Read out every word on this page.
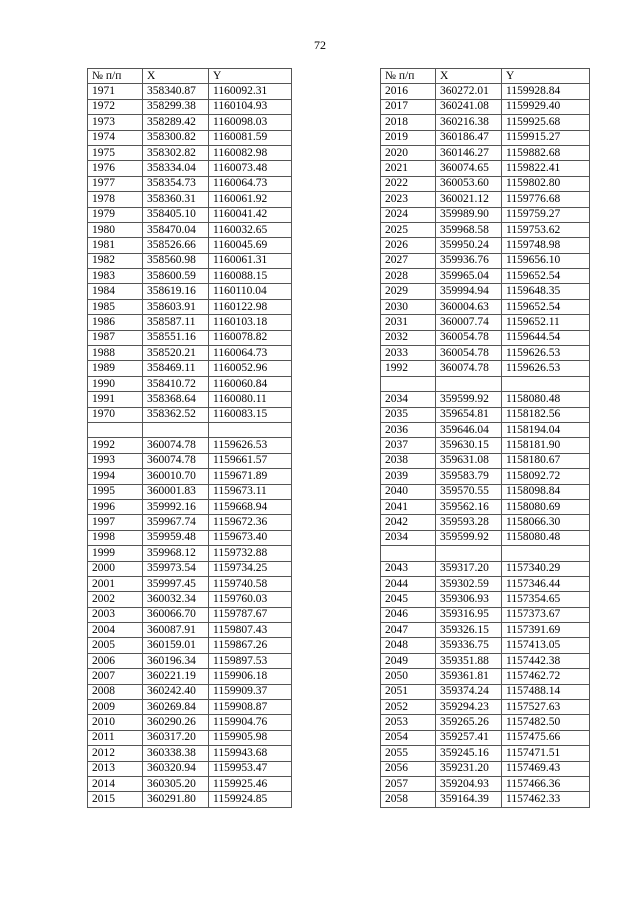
72
№ п/п	X	Y
1971	358340.87	1160092.31
1972	358299.38	1160104.93
1973	358289.42	1160098.03
1974	358300.82	1160081.59
1975	358302.82	1160082.98
1976	358334.04	1160073.48
1977	358354.73	1160064.73
1978	358360.31	1160061.92
1979	358405.10	1160041.42
1980	358470.04	1160032.65
1981	358526.66	1160045.69
1982	358560.98	1160061.31
1983	358600.59	1160088.15
1984	358619.16	1160110.04
1985	358603.91	1160122.98
1986	358587.11	1160103.18
1987	358551.16	1160078.82
1988	358520.21	1160064.73
1989	358469.11	1160052.96
1990	358410.72	1160060.84
1991	358368.64	1160080.11
1970	358362.52	1160083.15

1992	360074.78	1159626.53
1993	360074.78	1159661.57
1994	360010.70	1159671.89
1995	360001.83	1159673.11
1996	359992.16	1159668.94
1997	359967.74	1159672.36
1998	359959.48	1159673.40
1999	359968.12	1159732.88
2000	359973.54	1159734.25
2001	359997.45	1159740.58
2002	360032.34	1159760.03
2003	360066.70	1159787.67
2004	360087.91	1159807.43
2005	360159.01	1159867.26
2006	360196.34	1159897.53
2007	360221.19	1159906.18
2008	360242.40	1159909.37
2009	360269.84	1159908.87
2010	360290.26	1159904.76
2011	360317.20	1159905.98
2012	360338.38	1159943.68
2013	360320.94	1159953.47
2014	360305.20	1159925.46
2015	360291.80	1159924.85
№ п/п	X	Y
2016	360272.01	1159928.84
2017	360241.08	1159929.40
2018	360216.38	1159925.68
2019	360186.47	1159915.27
2020	360146.27	1159882.68
2021	360074.65	1159822.41
2022	360053.60	1159802.80
2023	360021.12	1159776.68
2024	359989.90	1159759.27
2025	359968.58	1159753.62
2026	359950.24	1159748.98
2027	359936.76	1159656.10
2028	359965.04	1159652.54
2029	359994.94	1159648.35
2030	360004.63	1159652.54
2031	360007.74	1159652.11
2032	360054.78	1159644.54
2033	360054.78	1159626.53
1992	360074.78	1159626.53

2034	359599.92	1158080.48
2035	359654.81	1158182.56
2036	359646.04	1158194.04
2037	359630.15	1158181.90
2038	359631.08	1158180.67
2039	359583.79	1158092.72
2040	359570.55	1158098.84
2041	359562.16	1158080.69
2042	359593.28	1158066.30
2034	359599.92	1158080.48

2043	359317.20	1157340.29
2044	359302.59	1157346.44
2045	359306.93	1157354.65
2046	359316.95	1157373.67
2047	359326.15	1157391.69
2048	359336.75	1157413.05
2049	359351.88	1157442.38
2050	359361.81	1157462.72
2051	359374.24	1157488.14
2052	359294.23	1157527.63
2053	359265.26	1157482.50
2054	359257.41	1157475.66
2055	359245.16	1157471.51
2056	359231.20	1157469.43
2057	359204.93	1157466.36
2058	359164.39	1157462.33
